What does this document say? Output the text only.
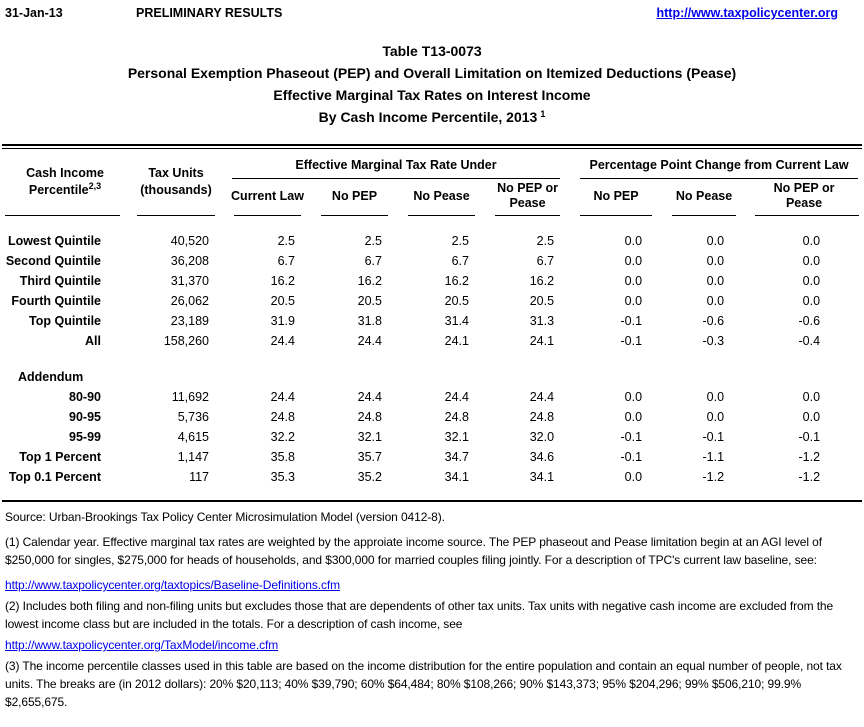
31-Jan-13	PRELIMINARY RESULTS	http://www.taxpolicycenter.org
Table T13-0073
Personal Exemption Phaseout (PEP) and Overall Limitation on Itemized Deductions (Pease)
Effective Marginal Tax Rates on Interest Income
By Cash Income Percentile, 2013 $^1$
Cash Income
Percentile$^{2,3}$

Tax Units
(thousands)

Effective Marginal Tax Rate Under	Percentage Point Change from Current Law

		Current Law	No PEP	No Pease	No PEP or Pease	No PEP	No Pease	No PEP or Pease

Lowest Quintile	40,520	2.5	2.5	2.5	2.5	0.0	0.0	0.0
Second Quintile	36,208	6.7	6.7	6.7	6.7	0.0	0.0	0.0
Third Quintile	31,370	16.2	16.2	16.2	16.2	0.0	0.0	0.0
Fourth Quintile	26,062	20.5	20.5	20.5	20.5	0.0	0.0	0.0
Top Quintile	23,189	31.9	31.8	31.4	31.3	-0.1	-0.6	-0.6
All	158,260	24.4	24.4	24.1	24.1	-0.1	-0.3	-0.4

Addendum								
80-90	11,692	24.4	24.4	24.4	24.4	0.0	0.0	0.0
90-95	5,736	24.8	24.8	24.8	24.8	0.0	0.0	0.0
95-99	4,615	32.2	32.1	32.1	32.0	-0.1	-0.1	-0.1
Top 1 Percent	1,147	35.8	35.7	34.7	34.6	-0.1	-1.1	-1.2
Top 0.1 Percent	117	35.3	35.2	34.1	34.1	0.0	-1.2	-1.2

Source: Urban-Brookings Tax Policy Center Microsimulation Model (version 0412-8).

(1) Calendar year. Effective marginal tax rates are weighted by the approiate income source. The PEP phaseout and Pease limitation begin at an AGI level of $250,000 for singles, $275,000 for heads of households, and $300,000 for married couples filing jointly. For a description of TPC's current law baseline, see:

http://www.taxpolicycenter.org/taxtopics/Baseline-Definitions.cfm

(2) Includes both filing and non-filing units but excludes those that are dependents of other tax units. Tax units with negative cash income are excluded from the lowest income class but are included in the totals. For a description of cash income, see

http://www.taxpolicycenter.org/TaxModel/income.cfm

(3) The income percentile classes used in this table are based on the income distribution for the entire population and contain an equal number of people, not tax units. The breaks are (in 2012 dollars): 20% $20,113; 40% $39,790; 60% $64,484; 80% $108,266; 90% $143,373; 95% $204,296; 99% $506,210; 99.9% $2,655,675.
